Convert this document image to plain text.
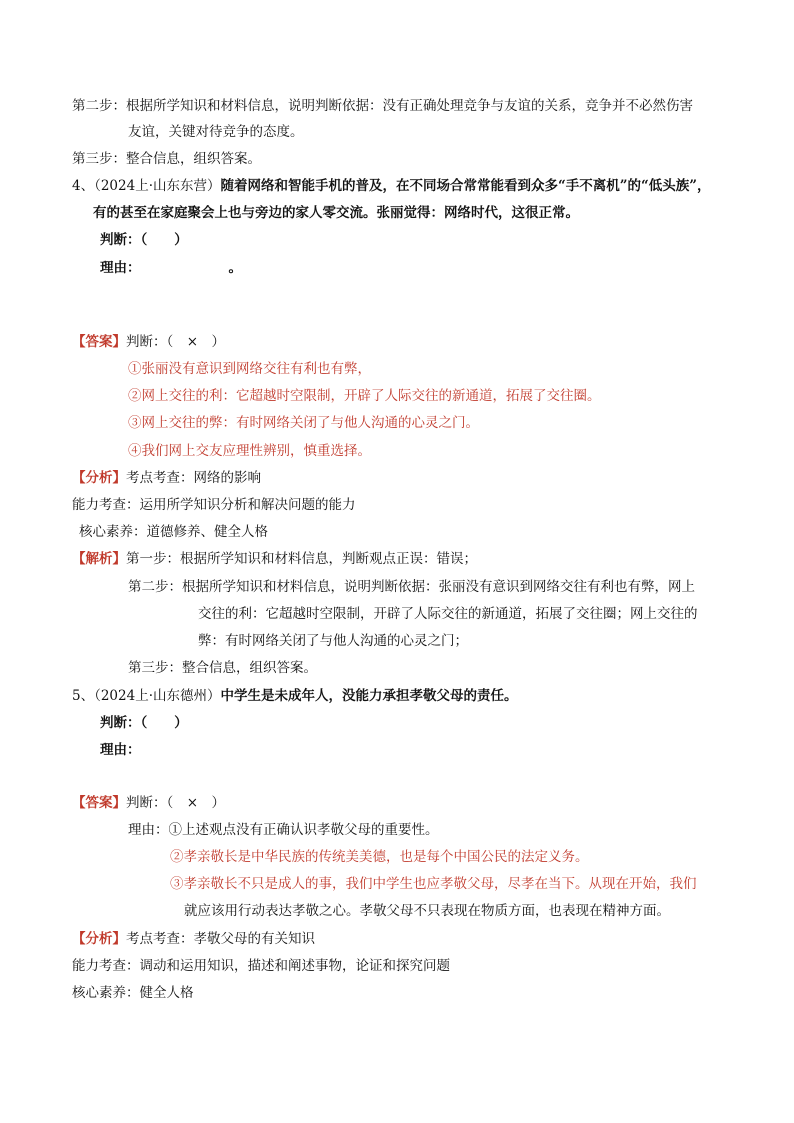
第二步：根据所学知识和材料信息，说明判断依据：没有正确处理竞争与友谊的关系，竞争并不必然伤害
友谊，关键对待竞争的态度。
第三步：整合信息，组织答案。
4、（2024上·山东东营）随着网络和智能手机的普及，在不同场合常常能看到众多“手不离机”的“低头族”，
有的甚至在家庭聚会上也与旁边的家人零交流。张丽觉得：网络时代，这很正常。
判断：（　　）
理由：	。
【答案】判断：（　×　）
①张丽没有意识到网络交往有利也有弊，
②网上交往的利：它超越时空限制，开辟了人际交往的新通道，拓展了交往圈。
③网上交往的弊：有时网络关闭了与他人沟通的心灵之门。
④我们网上交友应理性辨别，慎重选择。
【分析】考点考查：网络的影响
能力考查：运用所学知识分析和解决问题的能力
核心素养：道德修养、健全人格
【解析】第一步：根据所学知识和材料信息，判断观点正误：错误；
第二步：根据所学知识和材料信息，说明判断依据：张丽没有意识到网络交往有利也有弊，网上
交往的利：它超越时空限制，开辟了人际交往的新通道，拓展了交往圈；网上交往的
弊：有时网络关闭了与他人沟通的心灵之门；
第三步：整合信息，组织答案。
5、（2024上·山东德州）中学生是未成年人，没能力承担孝敬父母的责任。
判断：（　　）
理由：
【答案】判断：（　×　）
理由：①上述观点没有正确认识孝敬父母的重要性。
②孝亲敬长是中华民族的传统美美德，也是每个中国公民的法定义务。
③孝亲敬长不只是成人的事，我们中学生也应孝敬父母，尽孝在当下。从现在开始，我们
就应该用行动表达孝敬之心。孝敬父母不只表现在物质方面，也表现在精神方面。
【分析】考点考查：孝敬父母的有关知识
能力考查：调动和运用知识，描述和阐述事物，论证和探究问题
核心素养：健全人格
